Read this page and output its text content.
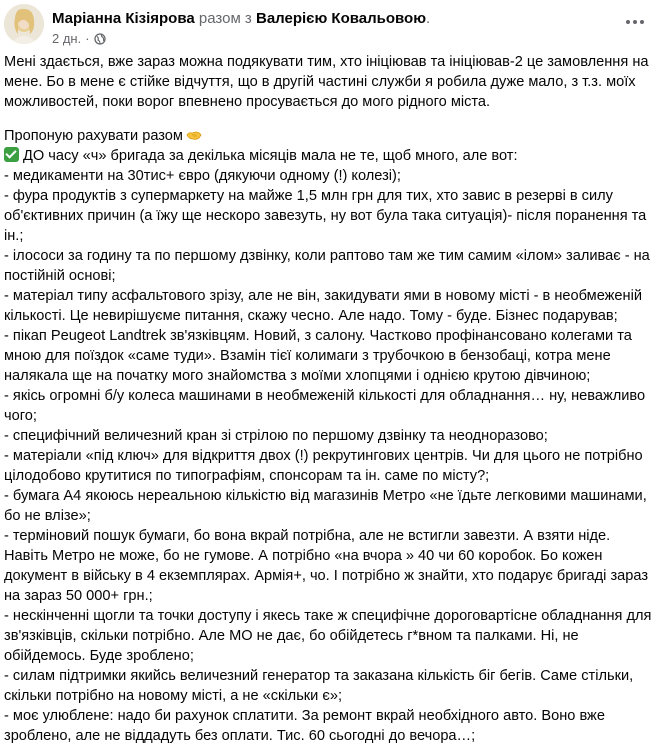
Маріанна Кізіярова разом з Валерією Ковальовою.
2 дн. ·

Мені здається, вже зараз можна подякувати тим, хто ініціював та ініціював-2 це замовлення на мене. Бо в мене є стійке відчуття, що в другій частині служби я робила дуже мало, з т.з. моїх можливостей, поки ворог впевнено просувається до мого рідного міста.

Пропоную рахувати разом

ДО часу «ч» бригада за декілька місяців мала не те, щоб много, але вот:

- медикаменти на 30тис+ євро (дякуючи одному (!) колезі);

- фура продуктів з супермаркету на майже 1,5 млн грн для тих, хто завис в резерві в силу об'єктивних причин (а їжу ще нескоро завезуть, ну вот була така ситуація)- після поранення та ін.;

- ілососи за годину та по першому дзвінку, коли раптово там же тим самим «ілом» заливає - на постійній основі;

- матеріал типу асфальтового зрізу, але не він, закидувати ями в новому місті - в необмеженій кількості. Це невирішуєме питання, скажу чесно. Але надо. Тому - буде. Бізнес подарував;

- пікап Peugeot Landtrek зв'язківцям. Новий, з салону. Частково профінансовано колегами та мною для поїздок «саме туди». Взамін тієї колимаги з трубочкою в бензобаці, котра мене налякала ще на початку мого знайомства з моїми хлопцями і однією крутою дівчиною;

- якісь огромні б/у колеса машинами в необмеженій кількості для обладнання… ну, неважливо чого;

- специфічний величезний кран зі стрілою по першому дзвінку та неодноразово;

- матеріали «під ключ» для відкриття двох (!) рекрутингових центрів. Чи для цього не потрібно цілодобово крутитися по типографіям, спонсорам та ін. саме по місту?;

- бумага А4 якоюсь нереальною кількістю від магазинів Метро «не їдьте легковими машинами, бо не влізе»;

- терміновий пошук бумаги, бо вона вкрай потрібна, але не встигли завезти. А взяти ніде. Навіть Метро не може, бо не гумове. А потрібно «на вчора » 40 чи 60 коробок. Бо кожен документ в війську в 4 екземплярах. Армія+, чо. І потрібно ж знайти, хто подарує бригаді зараз на зараз 50 000+ грн.;

- нескінченні щогли та точки доступу і якесь таке ж специфічне дороговартісне обладнання для зв'язківців, скільки потрібно. Але МО не дає, бо обійдетесь г*вном та палками. Ні, не обійдемось. Буде зроблено;

- силам підтримки якийсь величезний генератор та заказана кількість біг бегів. Саме стільки, скільки потрібно на новому місті, а не «скільки є»;

- моє улюблене: надо би рахунок сплатити. За ремонт вкрай необхідного авто. Воно вже зроблено, але не віддадуть без оплати. Тис. 60 сьогодні до вечора…;
